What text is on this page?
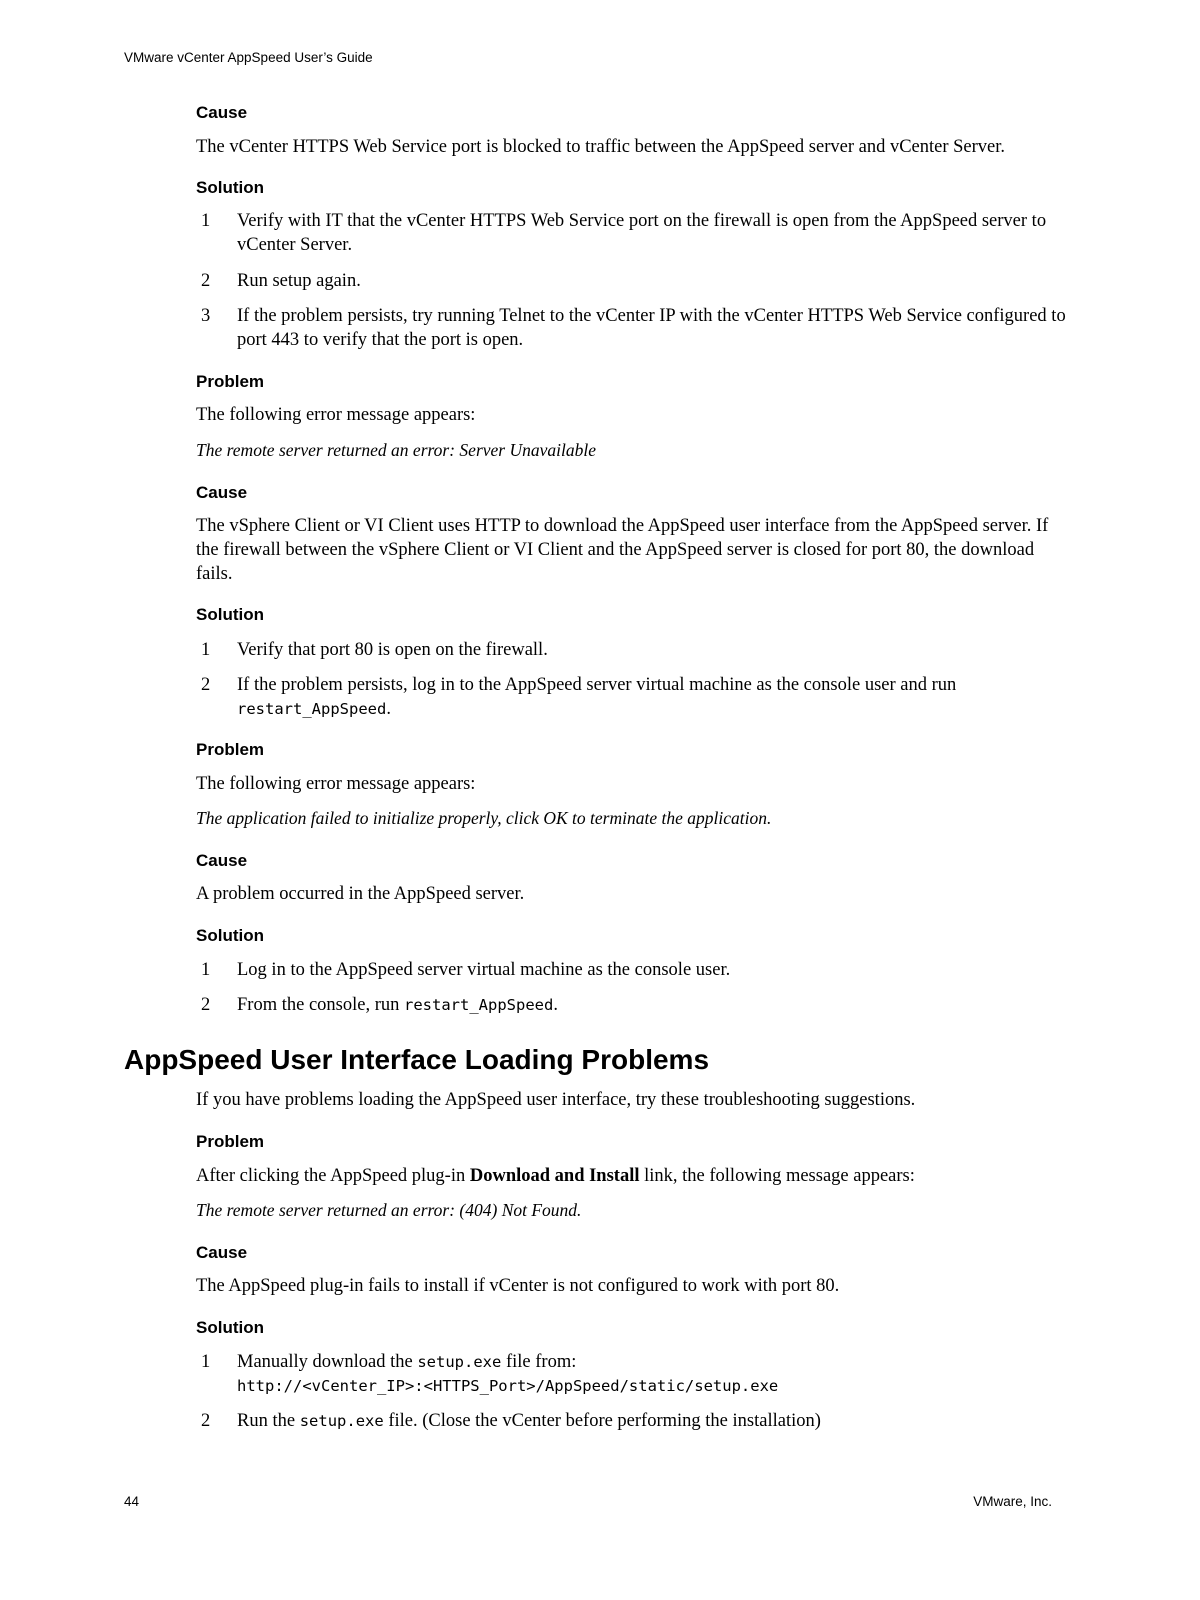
VMware vCenter AppSpeed User’s Guide
44	VMware, Inc.
Cause
The vCenter HTTPS Web Service port is blocked to traffic between the AppSpeed server and vCenter Server.
Solution
1 Verify with IT that the vCenter HTTPS Web Service port on the firewall is open from the AppSpeed server to vCenter Server.
2 Run setup again.
3 If the problem persists, try running Telnet to the vCenter IP with the vCenter HTTPS Web Service configured to port 443 to verify that the port is open.
Problem
The following error message appears:
The remote server returned an error: Server Unavailable
Cause
The vSphere Client or VI Client uses HTTP to download the AppSpeed user interface from the AppSpeed server. If the firewall between the vSphere Client or VI Client and the AppSpeed server is closed for port 80, the download fails.
Solution
1 Verify that port 80 is open on the firewall.
2 If the problem persists, log in to the AppSpeed server virtual machine as the console user and run restart_AppSpeed.
Problem
The following error message appears:
The application failed to initialize properly, click OK to terminate the application.
Cause
A problem occurred in the AppSpeed server.
Solution
1 Log in to the AppSpeed server virtual machine as the console user.
2 From the console, run restart_AppSpeed.
AppSpeed User Interface Loading Problems
If you have problems loading the AppSpeed user interface, try these troubleshooting suggestions.
Problem
After clicking the AppSpeed plug-in Download and Install link, the following message appears:
The remote server returned an error: (404) Not Found.
Cause
The AppSpeed plug-in fails to install if vCenter is not configured to work with port 80.
Solution
1 Manually download the setup.exe file from:
http://<vCenter_IP>:<HTTPS_Port>/AppSpeed/static/setup.exe
2 Run the setup.exe file. (Close the vCenter before performing the installation)
